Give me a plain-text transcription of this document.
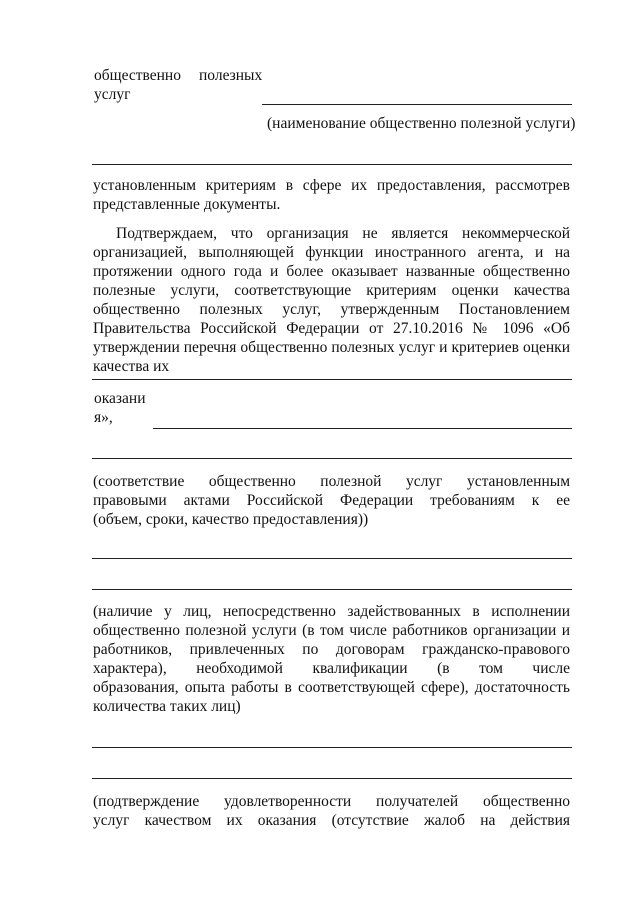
общественно полезных
услуг
(наименование общественно полезной услуги)
установленным критериям в сфере их предоставления, рассмотрев
представленные документы.
Подтверждаем, что организация не является некоммерческой
организацией, выполняющей функции иностранного агента, и на
протяжении одного года и более оказывает названные общественно
полезные услуги, соответствующие критериям оценки качества
общественно полезных услуг, утвержденным Постановлением
Правительства Российской Федерации от 27.10.2016 № 1096 «Об
утверждении перечня общественно полезных услуг и критериев оценки
качества их
оказани
я»,
(соответствие общественно полезной услуг установленным
правовыми актами Российской Федерации требованиям к ее
(объем, сроки, качество предоставления))
(наличие у лиц, непосредственно задействованных в исполнении
общественно полезной услуги (в том числе работников организации и
работников, привлеченных по договорам гражданско-правового
характера), необходимой квалификации (в том числе
образования, опыта работы в соответствующей сфере), достаточность
количества таких лиц)
(подтверждение удовлетворенности получателей общественно
услуг качеством их оказания (отсутствие жалоб на действия
